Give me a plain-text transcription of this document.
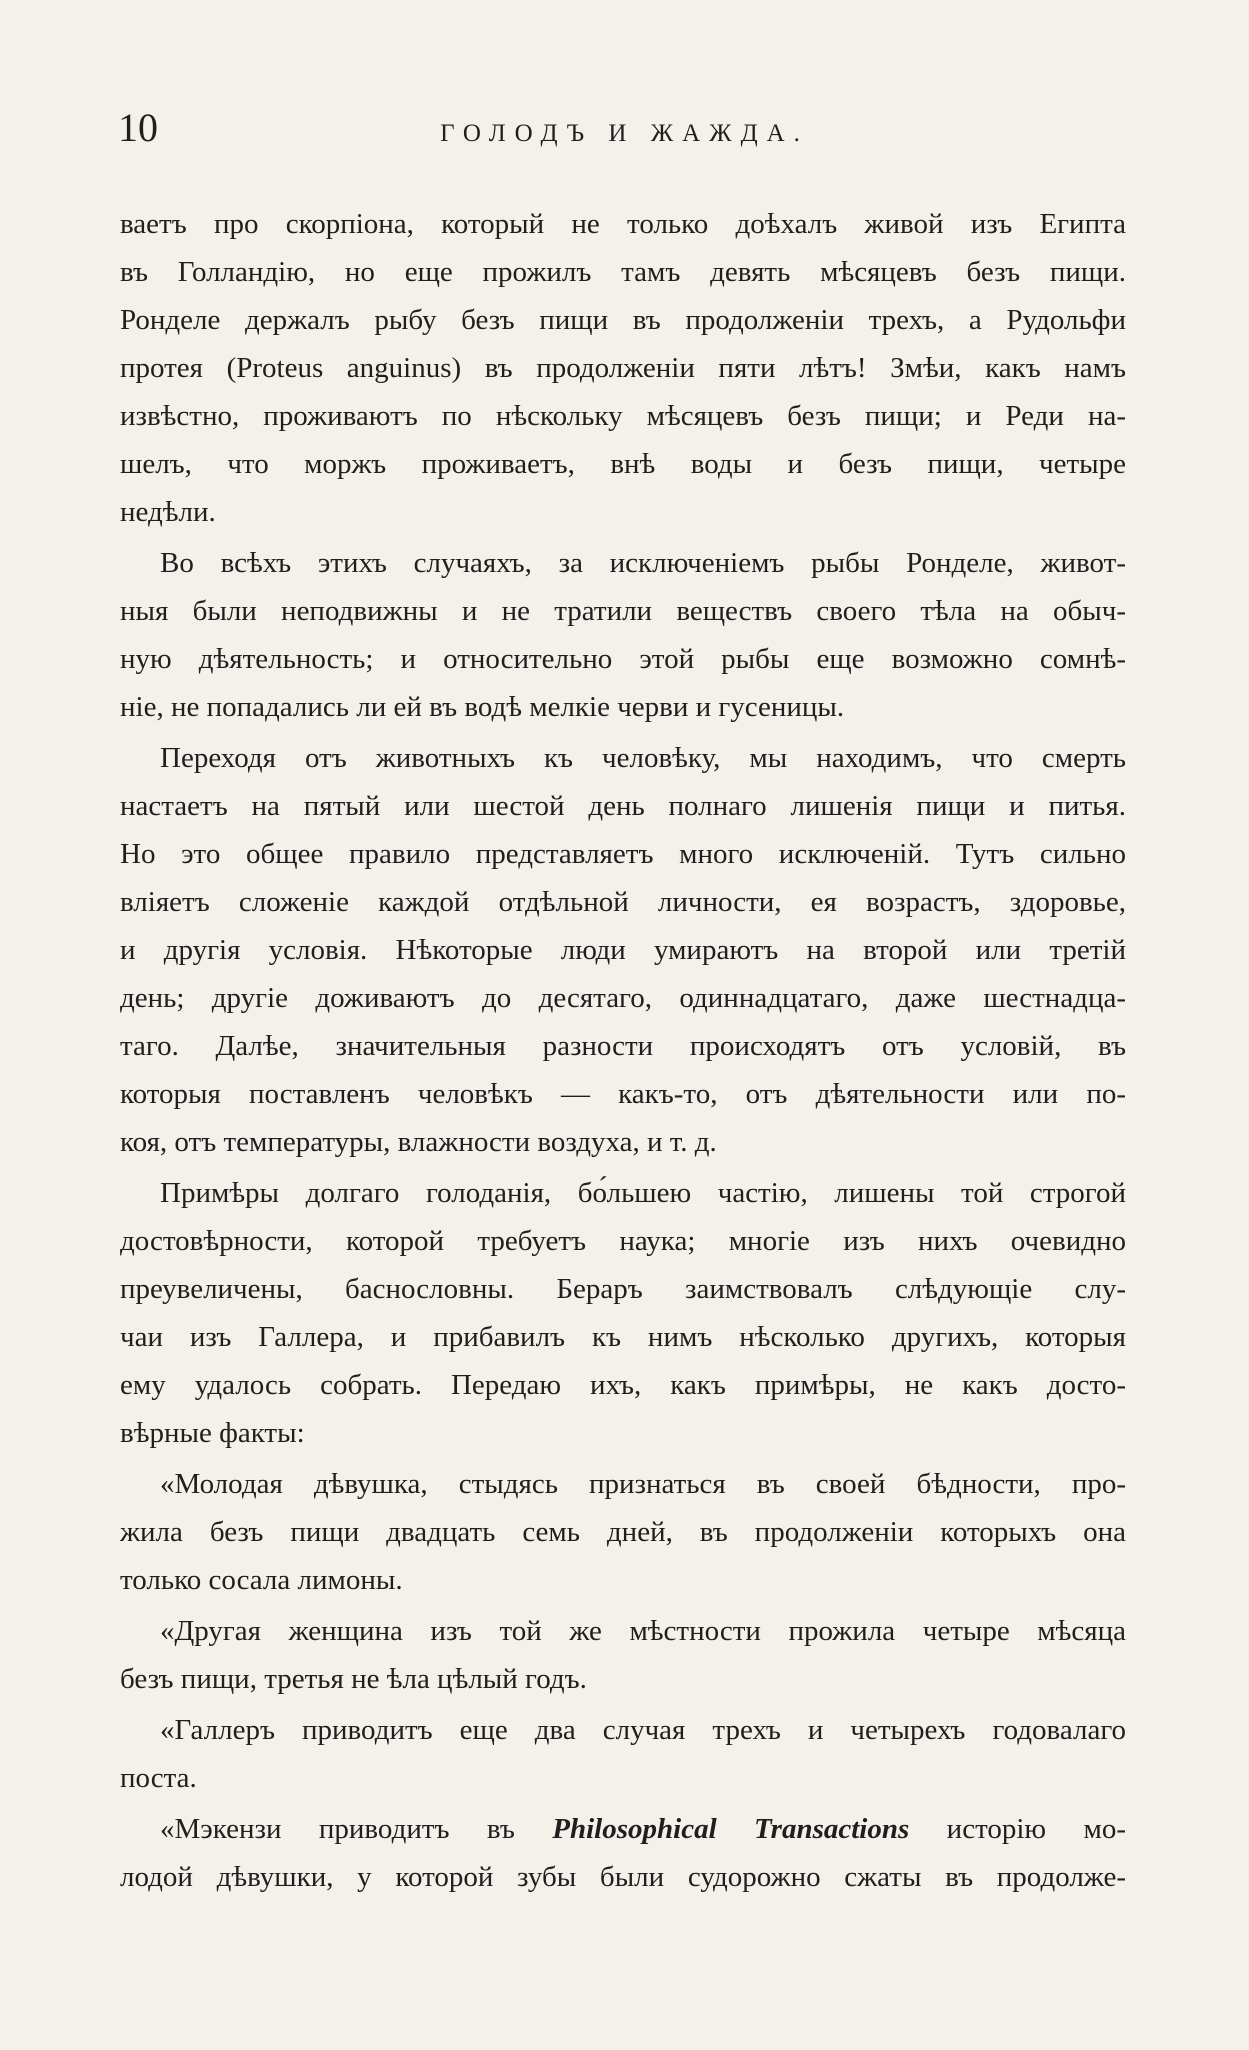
10	ГОЛОДЪ И ЖАЖДА.
ваетъ про скорпіона, который не только доѣхалъ живой изъ Египта
въ Голландію, но еще прожилъ тамъ девять мѣсяцевъ безъ пищи.
Ронделе держалъ рыбу безъ пищи въ продолженіи трехъ, а Рудольфи
протея (Proteus anguinus) въ продолженіи пяти лѣтъ! Змѣи, какъ намъ
извѣстно, проживаютъ по нѣскольку мѣсяцевъ безъ пищи; и Реди на-
шелъ, что моржъ проживаетъ, внѣ воды и безъ пищи, четыре
недѣли.
Во всѣхъ этихъ случаяхъ, за исключеніемъ рыбы Ронделе, живот-
ныя были неподвижны и не тратили веществъ своего тѣла на обыч-
ную дѣятельность; и относительно этой рыбы еще возможно сомнѣ-
ніе, не попадались ли ей въ водѣ мелкіе черви и гусеницы.
Переходя отъ животныхъ къ человѣку, мы находимъ, что смерть
настаетъ на пятый или шестой день полнаго лишенія пищи и питья.
Но это общее правило представляетъ много исключеній. Тутъ сильно
вліяетъ сложеніе каждой отдѣльной личности, ея возрастъ, здоровье,
и другія условія. Нѣкоторые люди умираютъ на второй или третій
день; другіе доживаютъ до десятаго, одиннадцатаго, даже шестнадца-
таго. Далѣе, значительныя разности происходятъ отъ условій, въ
которыя поставленъ человѣкъ — какъ-то, отъ дѣятельности или по-
коя, отъ температуры, влажности воздуха, и т. д.
Примѣры долгаго голоданія, бо́льшею частію, лишены той строгой
достовѣрности, которой требуетъ наука; многіе изъ нихъ очевидно
преувеличены, баснословны. Бераръ заимствовалъ слѣдующіе слу-
чаи изъ Галлера, и прибавилъ къ нимъ нѣсколько другихъ, которыя
ему удалось собрать. Передаю ихъ, какъ примѣры, не какъ досто-
вѣрные факты:
«Молодая дѣвушка, стыдясь признаться въ своей бѣдности, про-
жила безъ пищи двадцать семь дней, въ продолженіи которыхъ она
только сосала лимоны.
«Другая женщина изъ той же мѣстности прожила четыре мѣсяца
безъ пищи, третья не ѣла цѣлый годъ.
«Галлеръ приводитъ еще два случая трехъ и четырехъ годовалаго
поста.
«Мэкензи приводитъ въ Philosophical Transactions исторію мо-
лодой дѣвушки, у которой зубы были судорожно сжаты въ продолже-
